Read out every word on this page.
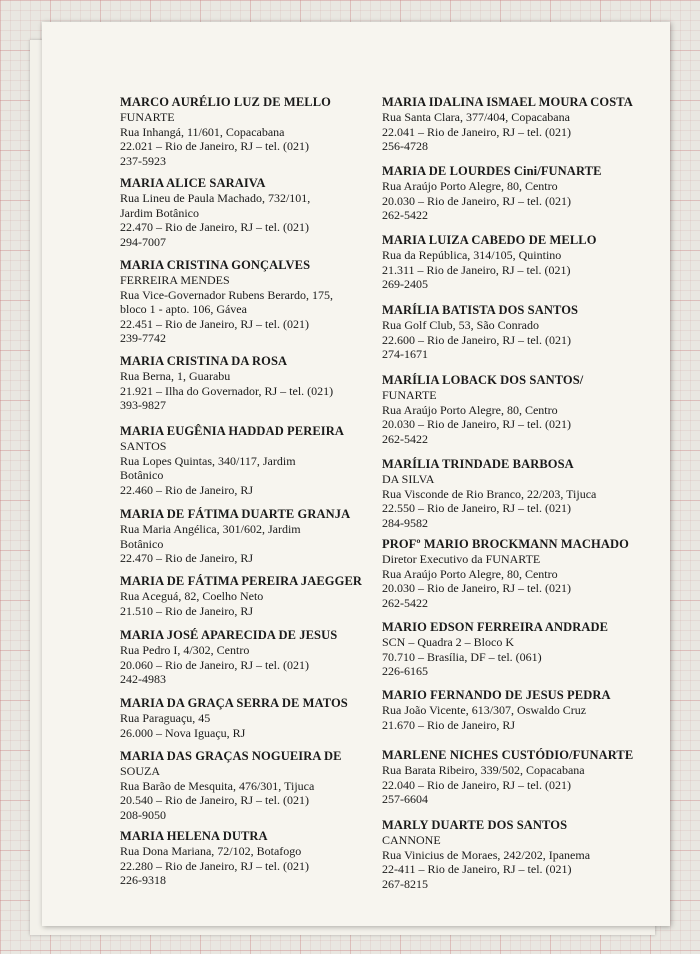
MARCO AURÉLIO LUZ DE MELLO
FUNARTE
Rua Inhangá, 11/601, Copacabana
22.021 – Rio de Janeiro, RJ – tel. (021)
237-5923
MARIA ALICE SARAIVA
Rua Lineu de Paula Machado, 732/101,
Jardim Botânico
22.470 – Rio de Janeiro, RJ – tel. (021)
294-7007
MARIA CRISTINA GONÇALVES
FERREIRA MENDES
Rua Vice-Governador Rubens Berardo, 175,
bloco 1 - apto. 106, Gávea
22.451 – Rio de Janeiro, RJ – tel. (021)
239-7742
MARIA CRISTINA DA ROSA
Rua Berna, 1, Guarabu
21.921 – Ilha do Governador, RJ – tel. (021)
393-9827
MARIA EUGÊNIA HADDAD PEREIRA
SANTOS
Rua Lopes Quintas, 340/117, Jardim
Botânico
22.460 – Rio de Janeiro, RJ
MARIA DE FÁTIMA DUARTE GRANJA
Rua Maria Angélica, 301/602, Jardim
Botânico
22.470 – Rio de Janeiro, RJ
MARIA DE FÁTIMA PEREIRA JAEGGER
Rua Aceguá, 82, Coelho Neto
21.510 – Rio de Janeiro, RJ
MARIA JOSÉ APARECIDA DE JESUS
Rua Pedro I, 4/302, Centro
20.060 – Rio de Janeiro, RJ – tel. (021)
242-4983
MARIA DA GRAÇA SERRA DE MATOS
Rua Paraguaçu, 45
26.000 – Nova Iguaçu, RJ
MARIA DAS GRAÇAS NOGUEIRA DE
SOUZA
Rua Barão de Mesquita, 476/301, Tijuca
20.540 – Rio de Janeiro, RJ – tel. (021)
208-9050
MARIA HELENA DUTRA
Rua Dona Mariana, 72/102, Botafogo
22.280 – Rio de Janeiro, RJ – tel. (021)
226-9318
MARIA IDALINA ISMAEL MOURA COSTA
Rua Santa Clara, 377/404, Copacabana
22.041 – Rio de Janeiro, RJ – tel. (021)
256-4728
MARIA DE LOURDES Cini/FUNARTE
Rua Araújo Porto Alegre, 80, Centro
20.030 – Rio de Janeiro, RJ – tel. (021)
262-5422
MARIA LUIZA CABEDO DE MELLO
Rua da República, 314/105, Quintino
21.311 – Rio de Janeiro, RJ – tel. (021)
269-2405
MARÍLIA BATISTA DOS SANTOS
Rua Golf Club, 53, São Conrado
22.600 – Rio de Janeiro, RJ – tel. (021)
274-1671
MARÍLIA LOBACK DOS SANTOS/
FUNARTE
Rua Araújo Porto Alegre, 80, Centro
20.030 – Rio de Janeiro, RJ – tel. (021)
262-5422
MARÍLIA TRINDADE BARBOSA
DA SILVA
Rua Visconde de Rio Branco, 22/203, Tijuca
22.550 – Rio de Janeiro, RJ – tel. (021)
284-9582
PROFº MARIO BROCKMANN MACHADO
Diretor Executivo da FUNARTE
Rua Araújo Porto Alegre, 80, Centro
20.030 – Rio de Janeiro, RJ – tel. (021)
262-5422
MARIO EDSON FERREIRA ANDRADE
SCN – Quadra 2 – Bloco K
70.710 – Brasília, DF – tel. (061)
226-6165
MARIO FERNANDO DE JESUS PEDRA
Rua João Vicente, 613/307, Oswaldo Cruz
21.670 – Rio de Janeiro, RJ
MARLENE NICHES CUSTÓDIO/FUNARTE
Rua Barata Ribeiro, 339/502, Copacabana
22.040 – Rio de Janeiro, RJ – tel. (021)
257-6604
MARLY DUARTE DOS SANTOS
CANNONE
Rua Vinicius de Moraes, 242/202, Ipanema
22-411 – Rio de Janeiro, RJ – tel. (021)
267-8215
